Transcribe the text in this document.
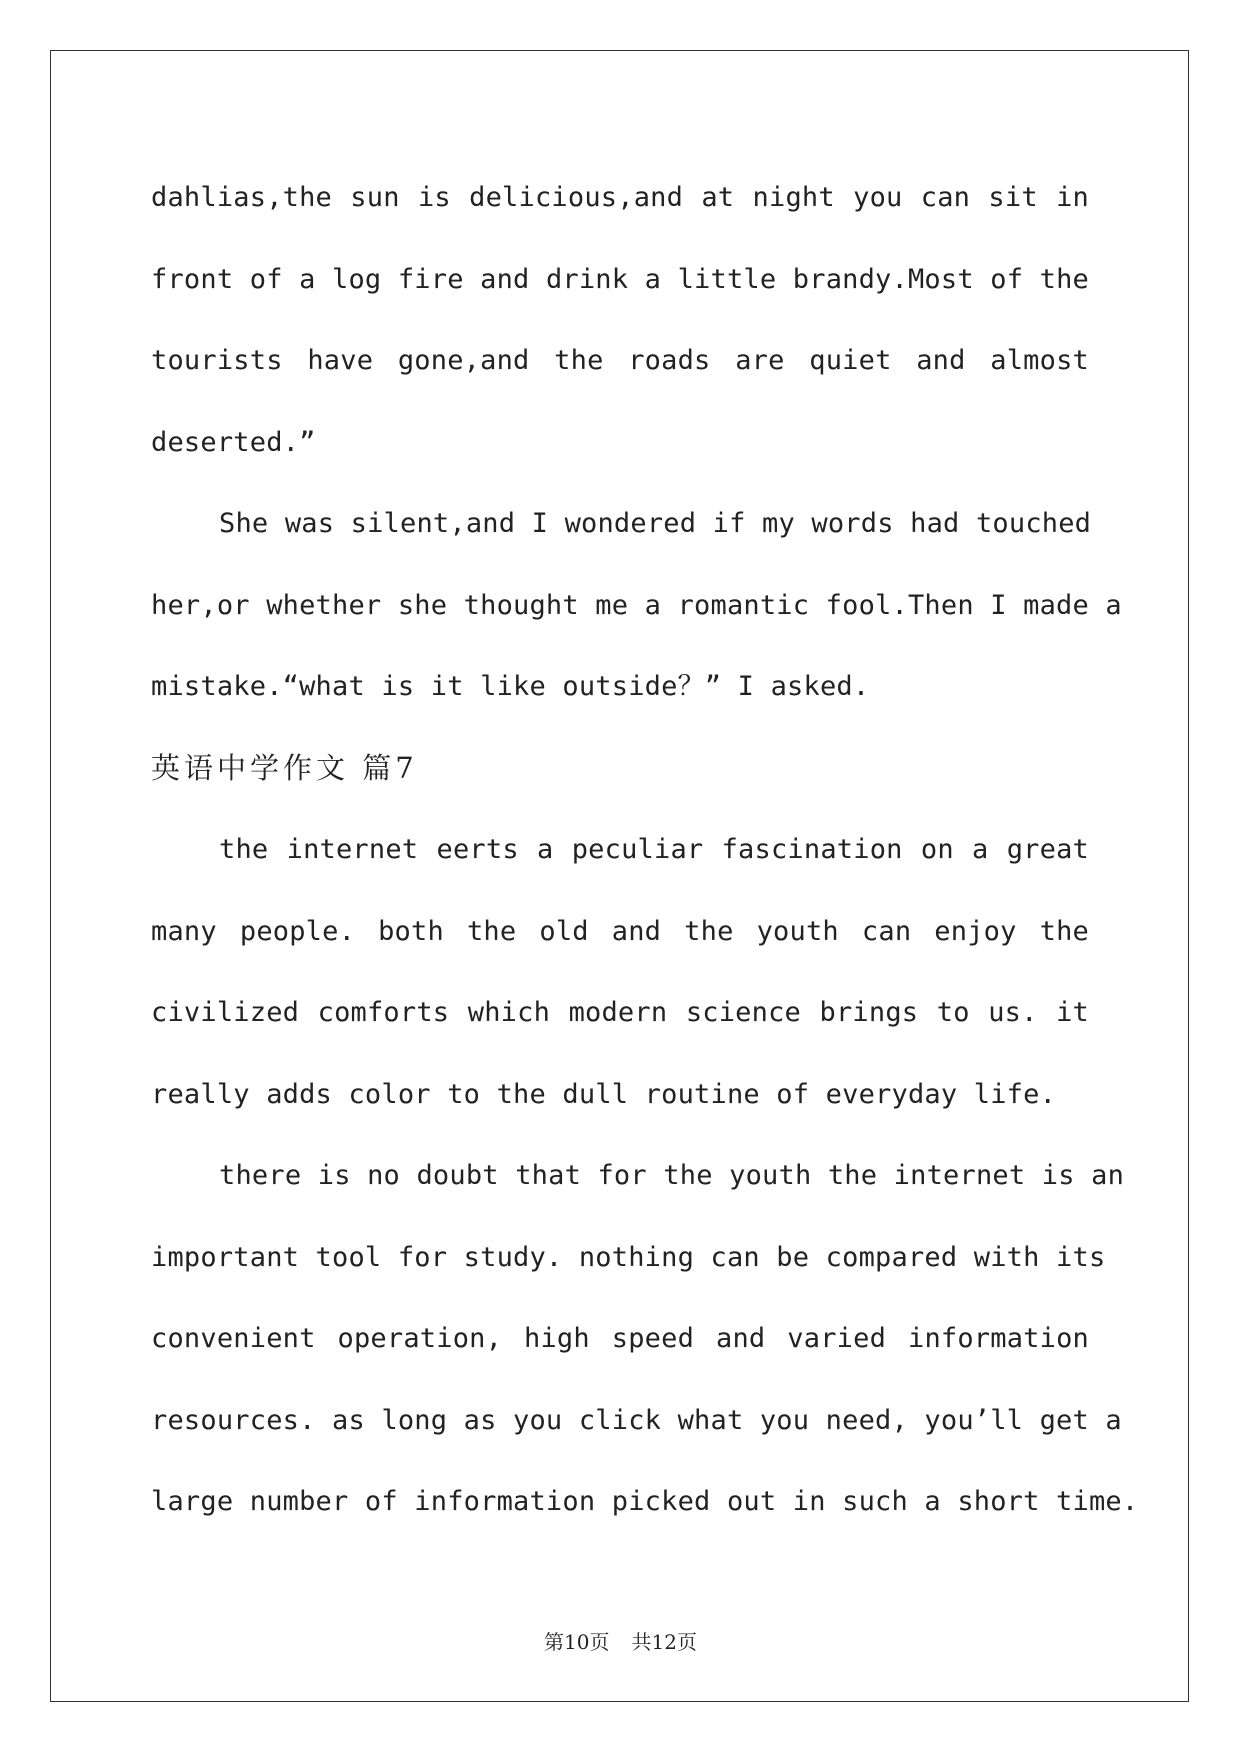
dahlias,the sun is delicious,and at night you can sit in
front of a log fire and drink a little brandy.Most of the
tourists have gone,and the roads are quiet and almost
deserted.”
She was silent,and I wondered if my words had touched
her,or whether she thought me a romantic fool.Then I made a
mistake.“what is it like outside？” I asked.
英语中学作文 篇7
the internet eerts a peculiar fascination on a great
many people. both the old and the youth can enjoy the
civilized comforts which modern science brings to us. it
really adds color to the dull routine of everyday life.
there is no doubt that for the youth the internet is an
important tool for study. nothing can be compared with its
convenient operation, high speed and varied information
resources. as long as you click what you need, you’ll get a
large number of information picked out in such a short time.
第10页 共12页
